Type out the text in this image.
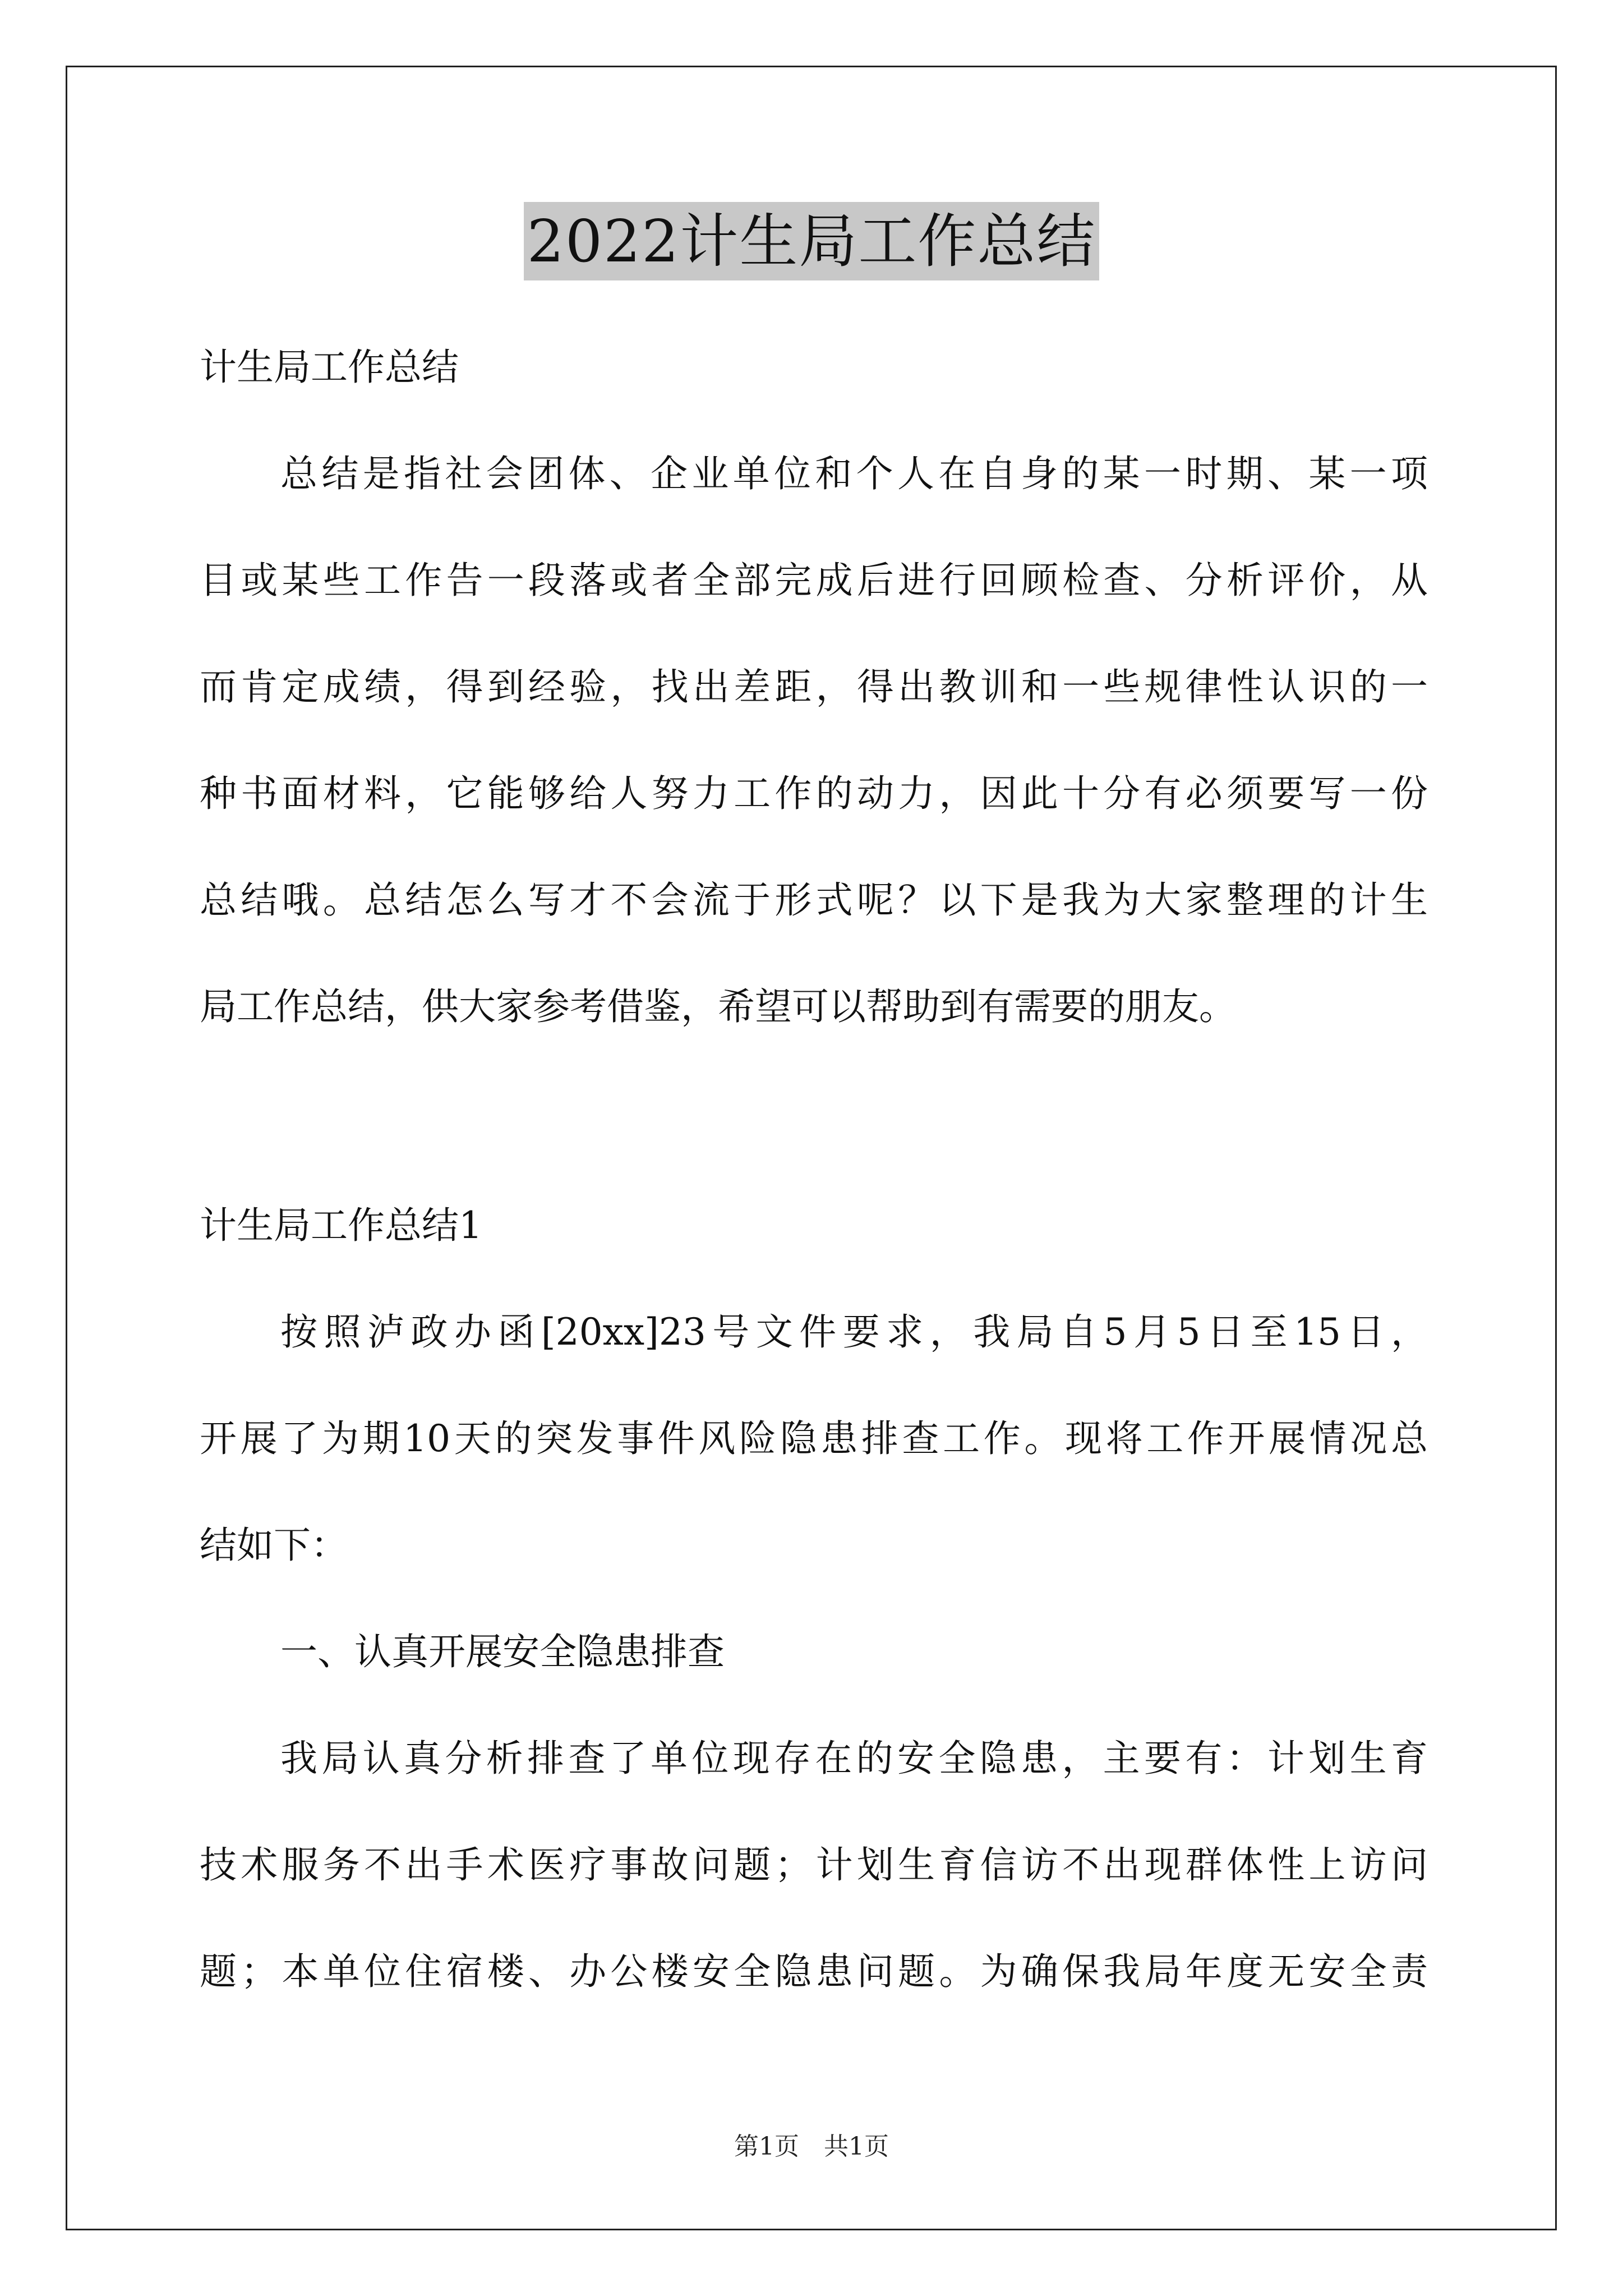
2022计生局工作总结
计生局工作总结
总结是指社会团体、企业单位和个人在自身的某一时期、某一项
目或某些工作告一段落或者全部完成后进行回顾检查、分析评价，从
而肯定成绩，得到经验，找出差距，得出教训和一些规律性认识的一
种书面材料，它能够给人努力工作的动力，因此十分有必须要写一份
总结哦。总结怎么写才不会流于形式呢？以下是我为大家整理的计生
局工作总结，供大家参考借鉴，希望可以帮助到有需要的朋友。
计生局工作总结1
按照泸政办函[20xx]23号文件要求，我局自5月5日至15日，
开展了为期10天的突发事件风险隐患排查工作。现将工作开展情况总
结如下：
一、认真开展安全隐患排查
我局认真分析排查了单位现存在的安全隐患，主要有：计划生育
技术服务不出手术医疗事故问题；计划生育信访不出现群体性上访问
题；本单位住宿楼、办公楼安全隐患问题。为确保我局年度无安全责
第1页　共1页
